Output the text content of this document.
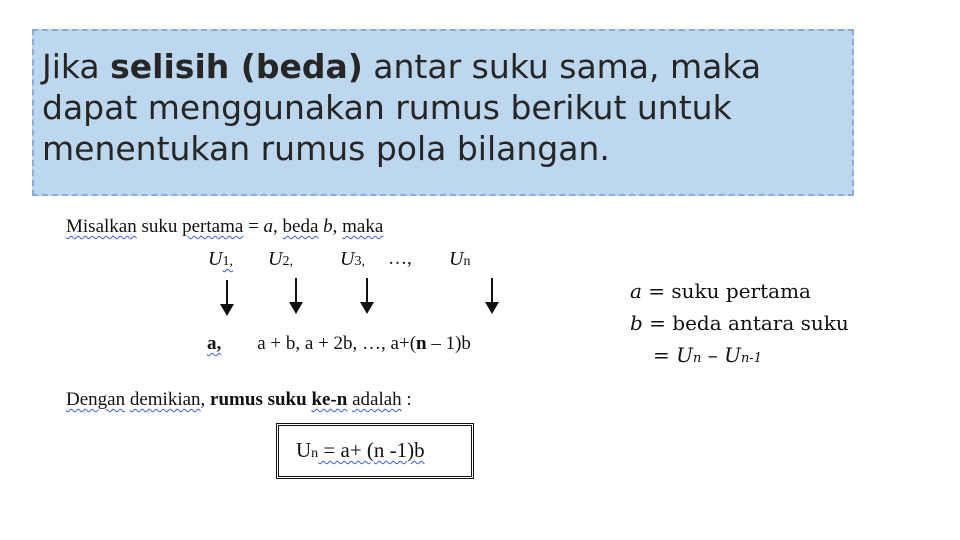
Jika selisih (beda) antar suku sama, maka
dapat menggunakan rumus berikut untuk
menentukan rumus pola bilangan.
Misalkan suku pertama = a, beda b, maka
U1, U2, U3, …, Un
a, a + b, a + 2b, …, a+(n – 1)b
Dengan demikian, rumus suku ke-n adalah :
Un = a+ (n -1)b
a = suku pertama
b = beda antara suku
= Un – Un-1
